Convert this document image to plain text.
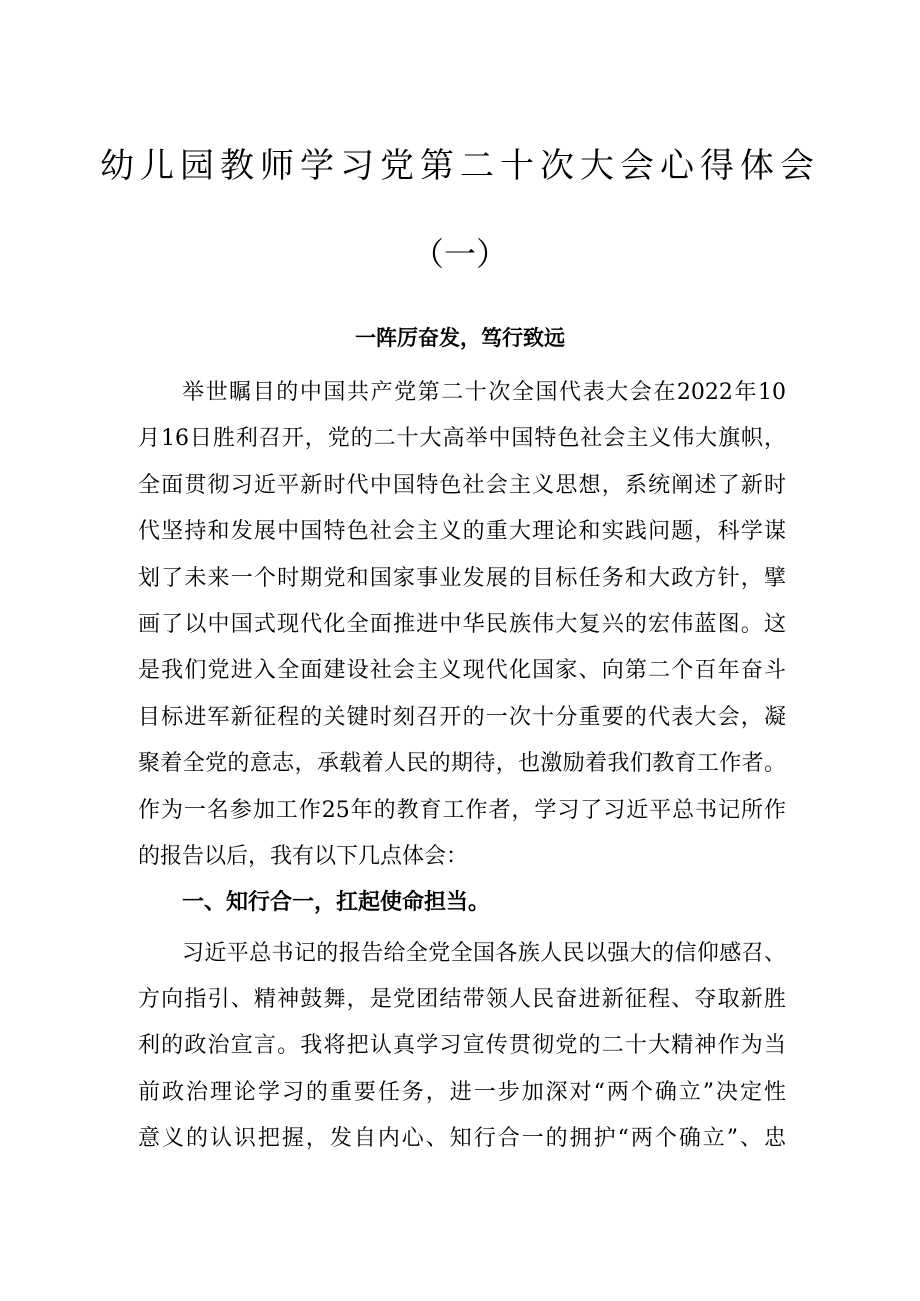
幼儿园教师学习党第二十次大会心得体会
（一）
一阵厉奋发，笃行致远
举世瞩目的中国共产党第二十次全国代表大会在2022年10
月16日胜利召开，党的二十大高举中国特色社会主义伟大旗帜，
全面贯彻习近平新时代中国特色社会主义思想，系统阐述了新时
代坚持和发展中国特色社会主义的重大理论和实践问题，科学谋
划了未来一个时期党和国家事业发展的目标任务和大政方针，擘
画了以中国式现代化全面推进中华民族伟大复兴的宏伟蓝图。这
是我们党进入全面建设社会主义现代化国家、向第二个百年奋斗
目标进军新征程的关键时刻召开的一次十分重要的代表大会，凝
聚着全党的意志，承载着人民的期待，也激励着我们教育工作者。
作为一名参加工作25年的教育工作者，学习了习近平总书记所作
的报告以后，我有以下几点体会：
一、知行合一，扛起使命担当。
习近平总书记的报告给全党全国各族人民以强大的信仰感召、
方向指引、精神鼓舞，是党团结带领人民奋进新征程、夺取新胜
利的政治宣言。我将把认真学习宣传贯彻党的二十大精神作为当
前政治理论学习的重要任务，进一步加深对“两个确立”决定性
意义的认识把握，发自内心、知行合一的拥护“两个确立”、忠
